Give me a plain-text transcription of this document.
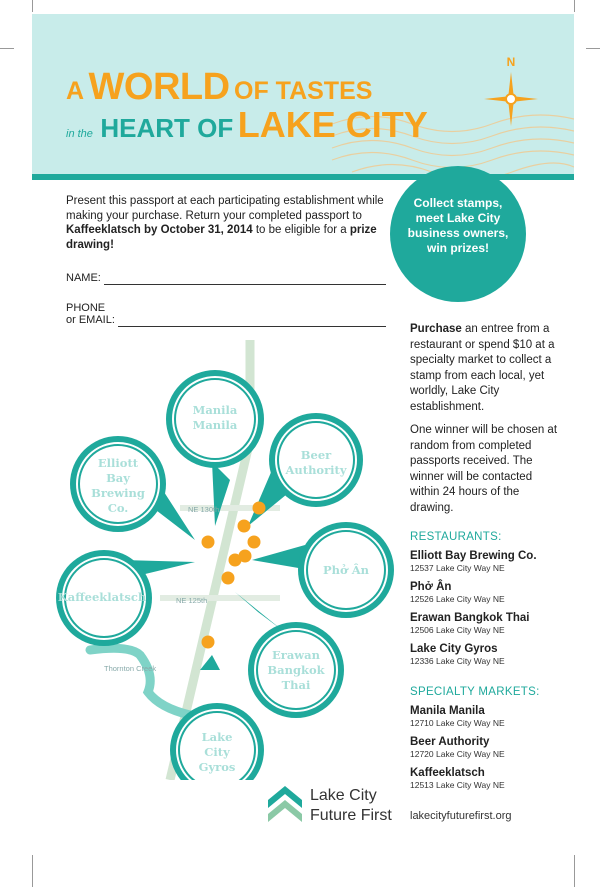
A WORLD OF TASTES
in the HEART OF LAKE CITY
N
Present this passport at each participating establishment while making your purchase. Return your completed passport to Kaffeeklatsch by October 31, 2014 to be eligible for a prize drawing!
Collect stamps,
meet Lake City
business owners,
win prizes!
NAME:
PHONE
or EMAIL:
Manila
Manila
Beer
Authority
Elliott
Bay
Brewing
Co.
Phở Ân
Kaffeeklatsch
Erawan
Bangkok
Thai
Lake
City
Gyros
NE 130th
NE 125th
Thornton Creek

Purchase an entree from a restaurant or spend $10 at a specialty market to collect a stamp from each local, yet worldly, Lake City establishment.

One winner will be chosen at random from completed passports received. The winner will be contacted within 24 hours of the drawing.

RESTAURANTS:
Elliott Bay Brewing Co.
12537 Lake City Way NE
Phở Ân
12526 Lake City Way NE
Erawan Bangkok Thai
12506 Lake City Way NE
Lake City Gyros
12336 Lake City Way NE
SPECIALTY MARKETS:
Manila Manila
12710 Lake City Way NE
Beer Authority
12720 Lake City Way NE
Kaffeeklatsch
12513 Lake City Way NE
Lake City
Future First lakecityfuturefirst.org
